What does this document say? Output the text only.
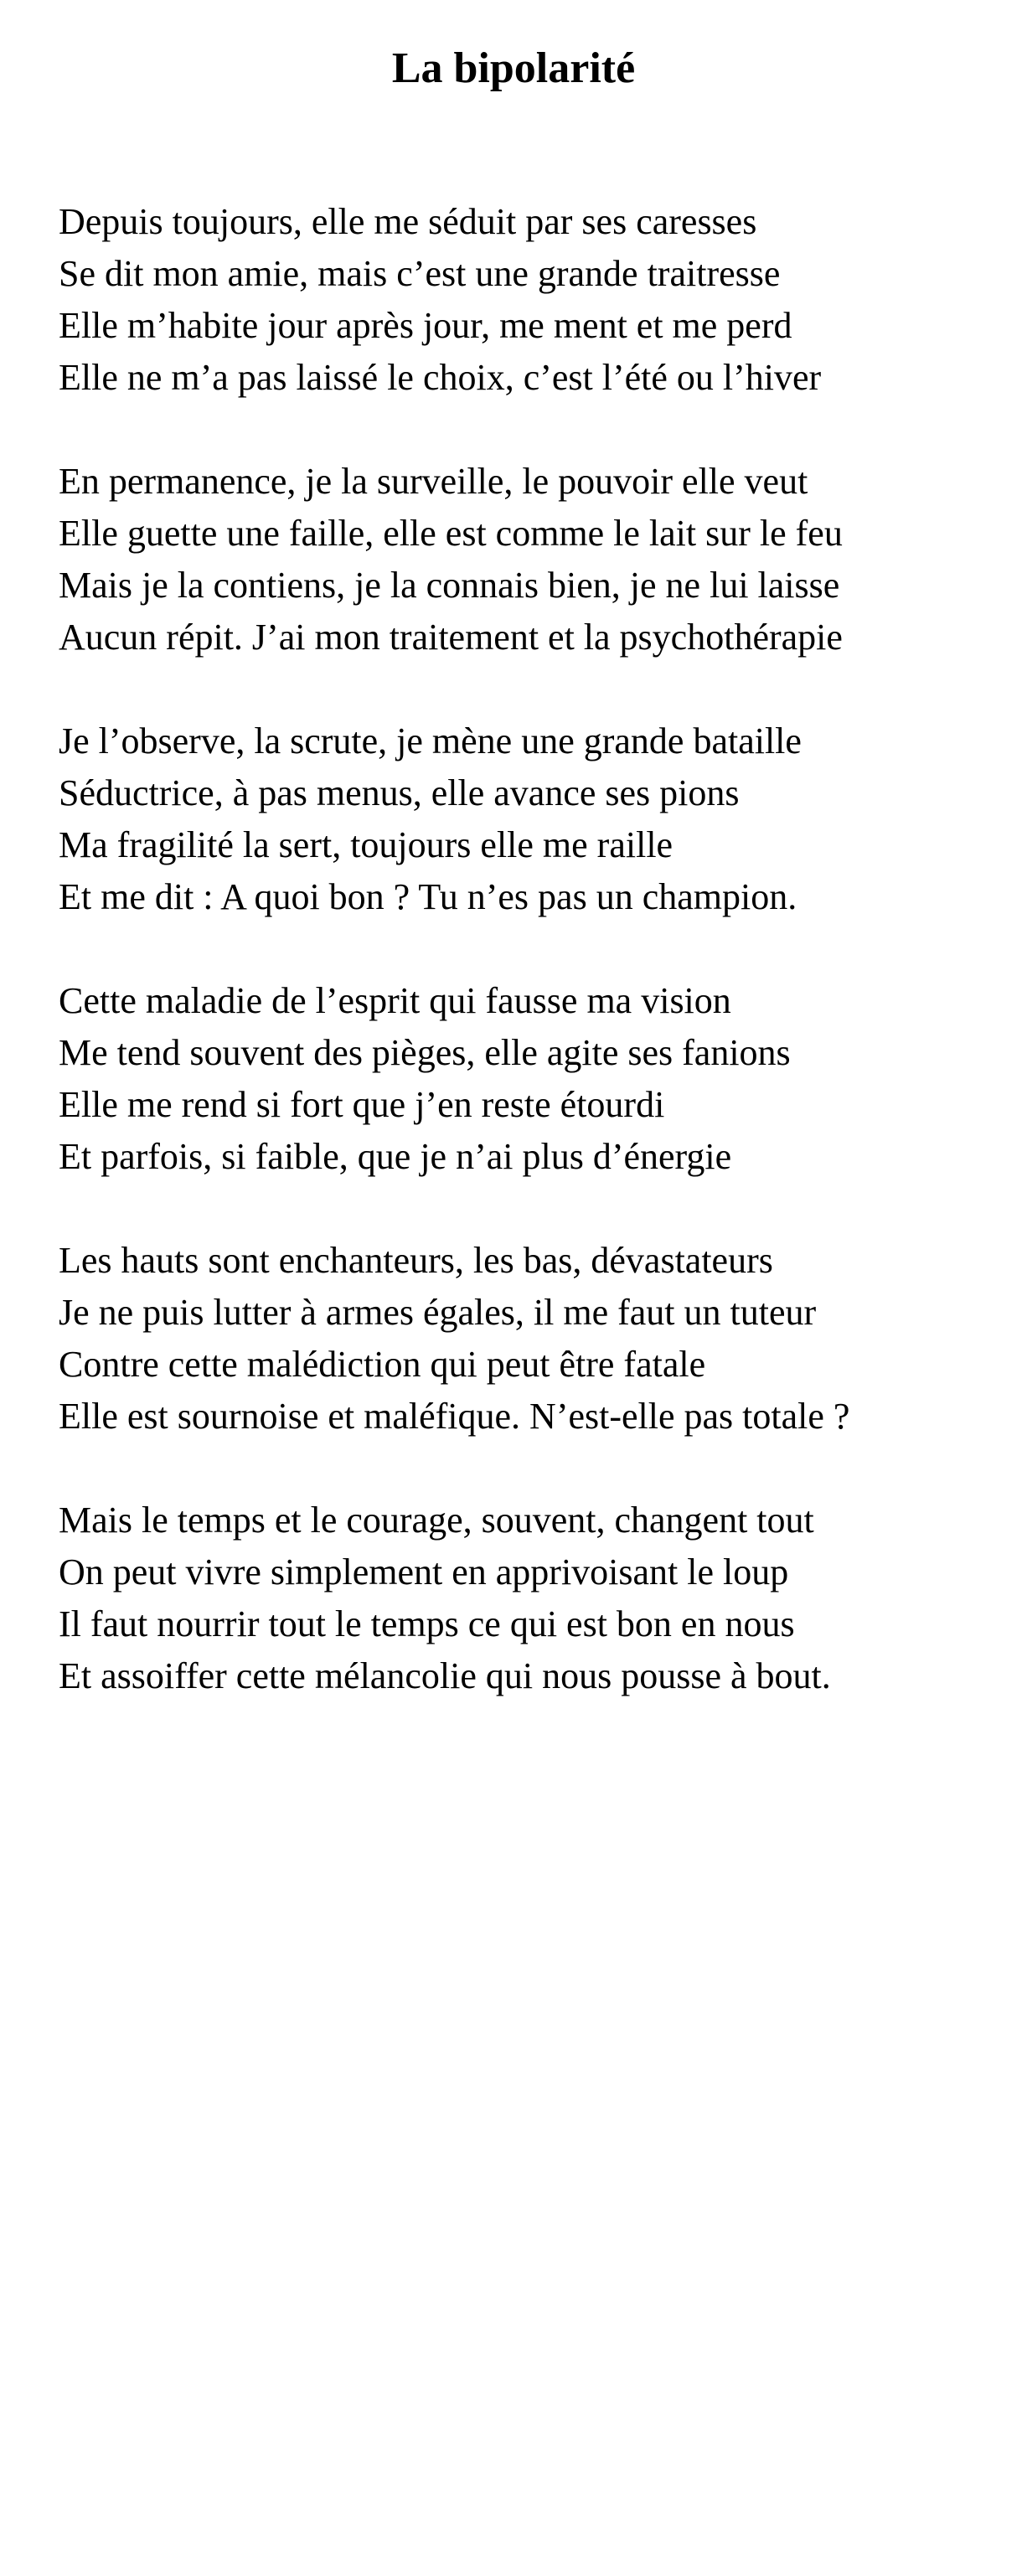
La bipolarité
Depuis toujours, elle me séduit par ses caresses
Se dit mon amie, mais c’est une grande traitresse
Elle m’habite jour après jour, me ment et me perd
Elle ne m’a pas laissé le choix, c’est l’été ou l’hiver
En permanence, je la surveille, le pouvoir elle veut
Elle guette une faille, elle est comme le lait sur le feu
Mais je la contiens, je la connais bien, je ne lui laisse
Aucun répit. J’ai mon traitement et la psychothérapie
Je l’observe, la scrute, je mène une grande bataille
Séductrice, à pas menus, elle avance ses pions
Ma fragilité la sert, toujours elle me raille
Et me dit : A quoi bon ? Tu n’es pas un champion.
Cette maladie de l’esprit qui fausse ma vision
Me tend souvent des pièges, elle agite ses fanions
Elle me rend si fort que j’en reste étourdi
Et parfois, si faible, que je n’ai plus d’énergie
Les hauts sont enchanteurs, les bas, dévastateurs
Je ne puis lutter à armes égales, il me faut un tuteur
Contre cette malédiction qui peut être fatale
Elle est sournoise et maléfique. N’est-elle pas totale ?
Mais le temps et le courage, souvent, changent tout
On peut vivre simplement en apprivoisant le loup
Il faut nourrir tout le temps ce qui est bon en nous
Et assoiffer cette mélancolie qui nous pousse à bout.
